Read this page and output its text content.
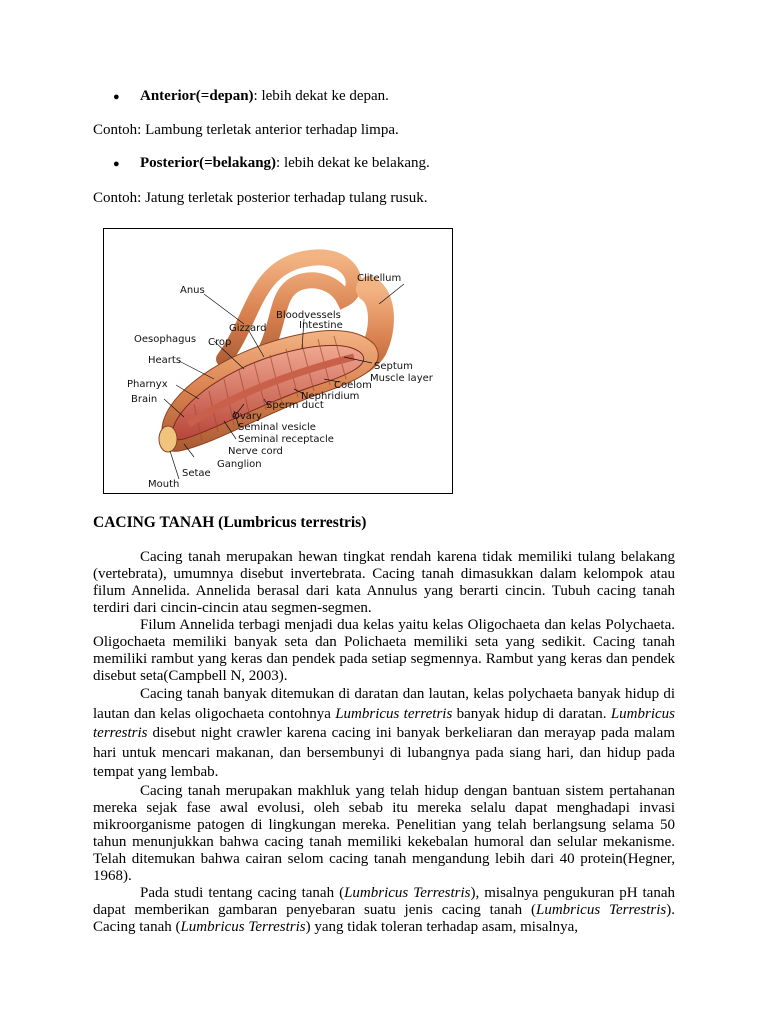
● Anterior(=depan): lebih dekat ke depan.
Contoh: Lambung terletak anterior terhadap limpa.
● Posterior(=belakang): lebih dekat ke belakang.
Contoh: Jatung terletak posterior terhadap tulang rusuk.
Clitellum
Anus
Bloodvessels
Intestine
Gizzard
Oesophagus Crop
Hearts
Septum
Muscle layer
Pharnyx	Coelom
Nephridium
Brain
Sperm duct
Ovary
Seminal vesicle
Seminal receptacle
Nerve cord
Ganglion
Setae
Mouth
CACING TANAH (Lumbricus terrestris)

Cacing tanah merupakan hewan tingkat rendah karena tidak memiliki tulang belakang (vertebrata), umumnya disebut invertebrata. Cacing tanah dimasukkan dalam kelompok atau filum Annelida. Annelida berasal dari kata Annulus yang berarti cincin. Tubuh cacing tanah terdiri dari cincin-cincin atau segmen-segmen.

Filum Annelida terbagi menjadi dua kelas yaitu kelas Oligochaeta dan kelas Polychaeta. Oligochaeta memiliki banyak seta dan Polichaeta memiliki seta yang sedikit. Cacing tanah memiliki rambut yang keras dan pendek pada setiap segmennya. Rambut yang keras dan pendek disebut seta(Campbell N, 2003).

Cacing tanah banyak ditemukan di daratan dan lautan, kelas polychaeta banyak hidup di lautan dan kelas oligochaeta contohnya Lumbricus terretris banyak hidup di daratan. Lumbricus terrestris disebut night crawler karena cacing ini banyak berkeliaran dan merayap pada malam hari untuk mencari makanan, dan bersembunyi di lubangnya pada siang hari, dan hidup pada tempat yang lembab.

Cacing tanah merupakan makhluk yang telah hidup dengan bantuan sistem pertahanan mereka sejak fase awal evolusi, oleh sebab itu mereka selalu dapat menghadapi invasi mikroorganisme patogen di lingkungan mereka. Penelitian yang telah berlangsung selama 50 tahun menunjukkan bahwa cacing tanah memiliki kekebalan humoral dan selular mekanisme. Telah ditemukan bahwa cairan selom cacing tanah mengandung lebih dari 40 protein(Hegner, 1968).

Pada studi tentang cacing tanah (Lumbricus Terrestris), misalnya pengukuran pH tanah dapat memberikan gambaran penyebaran suatu jenis cacing tanah (Lumbricus Terrestris). Cacing tanah (Lumbricus Terrestris) yang tidak toleran terhadap asam, misalnya,
